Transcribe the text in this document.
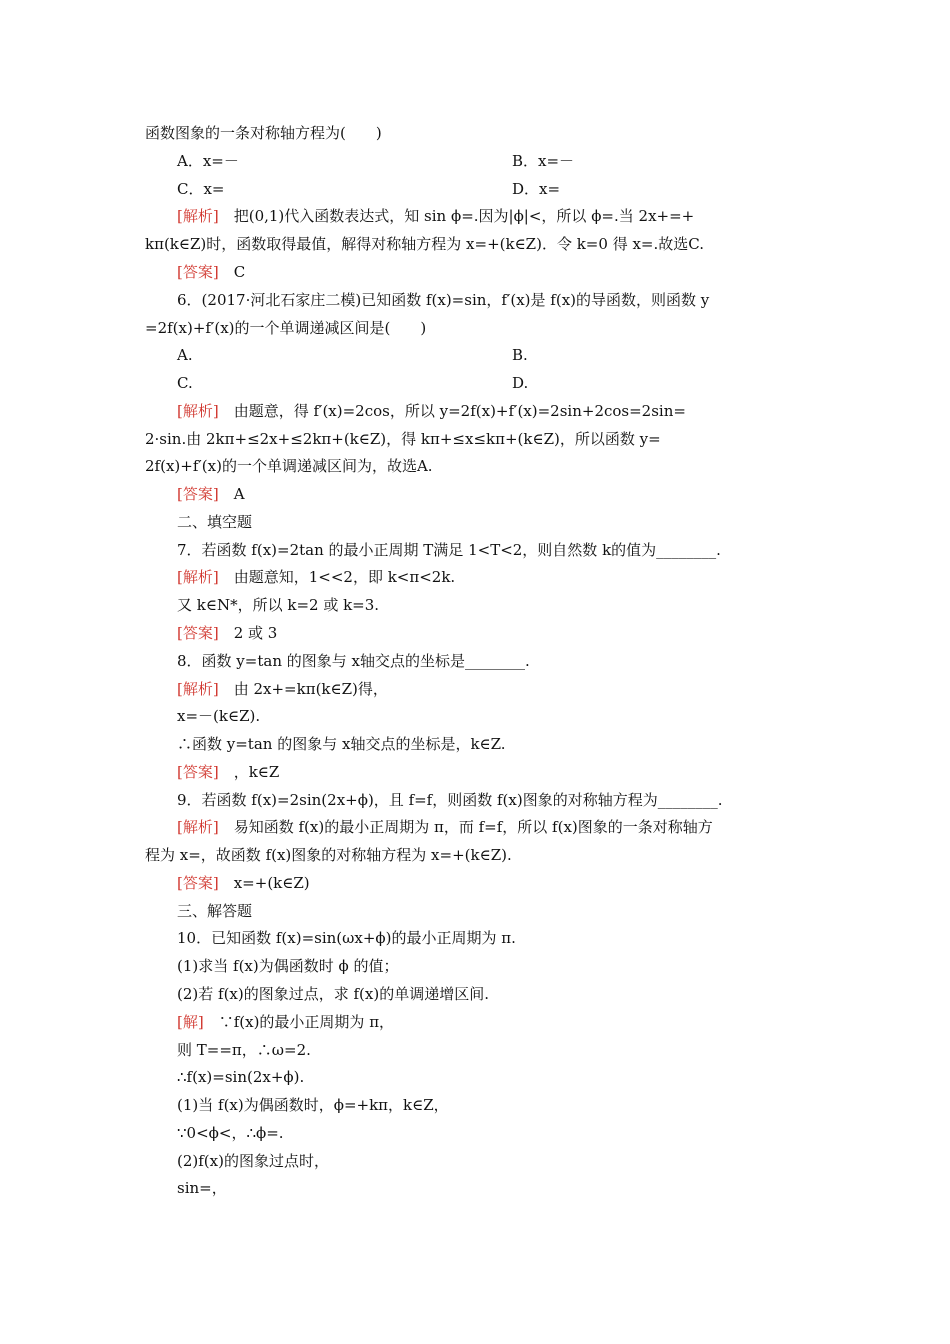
函数图象的一条对称轴方程为(　　)
A．x=－	B．x=－
C．x=	D．x=
[解析]　把(0,1)代入函数表达式，知 sin ϕ=.因为|ϕ|<，所以 ϕ=.当 2x+=+
kπ(k∈Z)时，函数取得最值，解得对称轴方程为 x=+(k∈Z)．令 k=0 得 x=.故选C.
[答案]　C
6．(2017·河北石家庄二模)已知函数 f(x)=sin，f′(x)是 f(x)的导函数，则函数 y
=2f(x)+f′(x)的一个单调递减区间是(　　)
A.	B.
C.	D.
[解析]　由题意，得 f′(x)=2cos，所以 y=2f(x)+f′(x)=2sin+2cos=2sin=
2·sin.由 2kπ+≤2x+≤2kπ+(k∈Z)，得 kπ+≤x≤kπ+(k∈Z)，所以函数 y=
2f(x)+f′(x)的一个单调递减区间为，故选A.
[答案]　A
二、填空题
7．若函数 f(x)=2tan 的最小正周期 T满足 1<T<2，则自然数 k的值为________.
[解析]　由题意知，1<<2，即 k<π<2k.
又 k∈N*，所以 k=2 或 k=3.
[答案]　2 或 3
8．函数 y=tan 的图象与 x轴交点的坐标是________.
[解析]　由 2x+=kπ(k∈Z)得，
x=－(k∈Z).
∴函数 y=tan 的图象与 x轴交点的坐标是，k∈Z.
[答案]　，k∈Z
9．若函数 f(x)=2sin(2x+ϕ)，且 f=f，则函数 f(x)图象的对称轴方程为________.
[解析]　易知函数 f(x)的最小正周期为 π，而 f=f，所以 f(x)图象的一条对称轴方
程为 x=，故函数 f(x)图象的对称轴方程为 x=+(k∈Z).
[答案]　x=+(k∈Z)
三、解答题
10．已知函数 f(x)=sin(ωx+ϕ)的最小正周期为 π.
(1)求当 f(x)为偶函数时 ϕ 的值；
(2)若 f(x)的图象过点，求 f(x)的单调递增区间.
[解]　∵f(x)的最小正周期为 π，
则 T==π，∴ω=2.
∴f(x)=sin(2x+ϕ).
(1)当 f(x)为偶函数时，ϕ=+kπ，k∈Z，
∵0<ϕ<，∴ϕ=.
(2)f(x)的图象过点时，
sin=，
